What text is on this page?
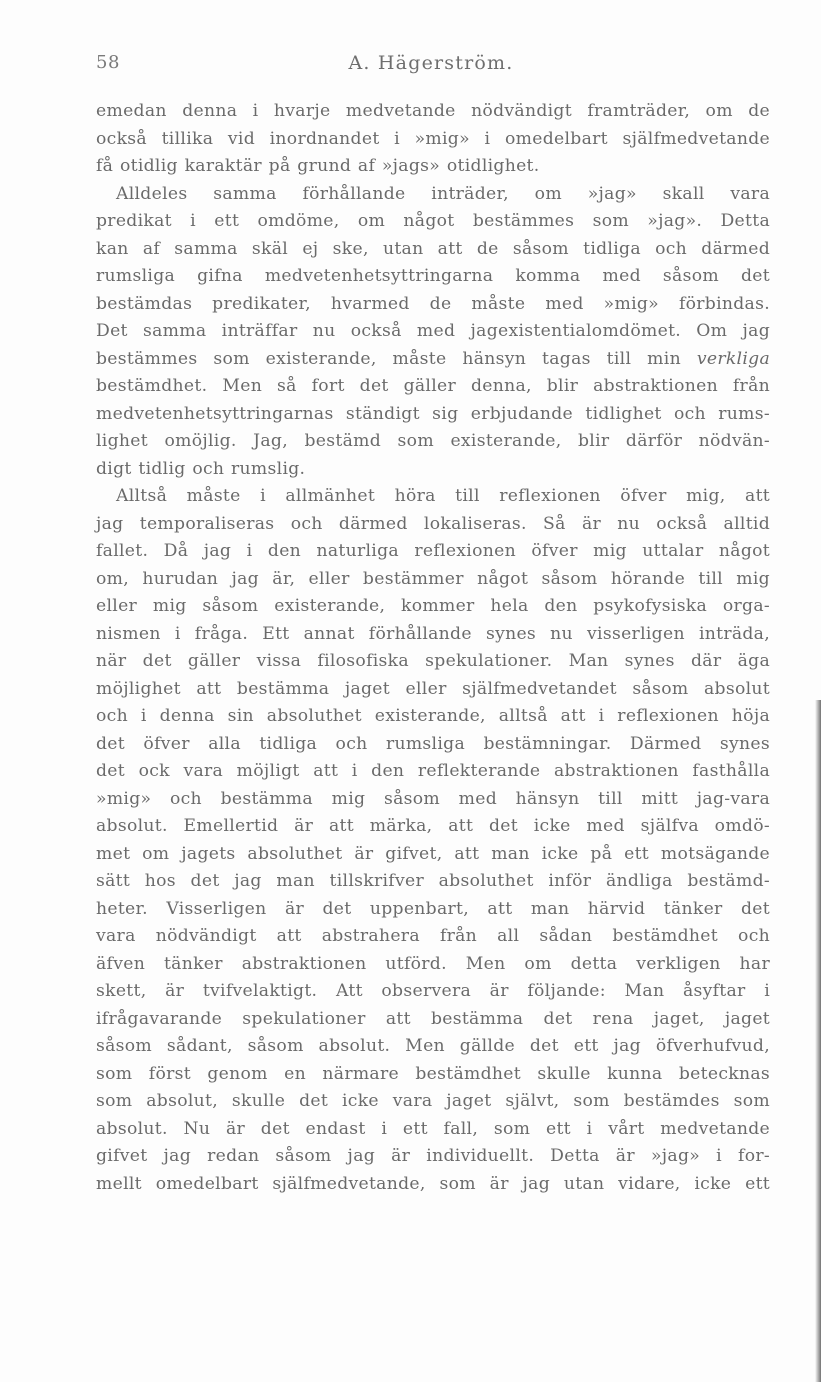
58	A. Hägerström.
emedan denna i hvarje medvetande nödvändigt framträder, om de
också tillika vid inordnandet i »mig» i omedelbart själfmedvetande
få otidlig karaktär på grund af »jags» otidlighet.
Alldeles samma förhållande inträder, om »jag» skall vara
predikat i ett omdöme, om något bestämmes som »jag». Detta
kan af samma skäl ej ske, utan att de såsom tidliga och därmed
rumsliga gifna medvetenhetsyttringarna komma med såsom det
bestämdas predikater, hvarmed de måste med »mig» förbindas.
Det samma inträffar nu också med jagexistentialomdömet. Om jag
bestämmes som existerande, måste hänsyn tagas till min verkliga
bestämdhet. Men så fort det gäller denna, blir abstraktionen från
medvetenhetsyttringarnas ständigt sig erbjudande tidlighet och rums-
lighet omöjlig. Jag, bestämd som existerande, blir därför nödvän-
digt tidlig och rumslig.
Alltså måste i allmänhet höra till reflexionen öfver mig, att
jag temporaliseras och därmed lokaliseras. Så är nu också alltid
fallet. Då jag i den naturliga reflexionen öfver mig uttalar något
om, hurudan jag är, eller bestämmer något såsom hörande till mig
eller mig såsom existerande, kommer hela den psykofysiska orga-
nismen i fråga. Ett annat förhållande synes nu visserligen inträda,
när det gäller vissa filosofiska spekulationer. Man synes där äga
möjlighet att bestämma jaget eller själfmedvetandet såsom absolut
och i denna sin absoluthet existerande, alltså att i reflexionen höja
det öfver alla tidliga och rumsliga bestämningar. Därmed synes
det ock vara möjligt att i den reflekterande abstraktionen fasthålla
»mig» och bestämma mig såsom med hänsyn till mitt jag-vara
absolut. Emellertid är att märka, att det icke med själfva omdö-
met om jagets absoluthet är gifvet, att man icke på ett motsägande
sätt hos det jag man tillskrifver absoluthet inför ändliga bestämd-
heter. Visserligen är det uppenbart, att man härvid tänker det
vara nödvändigt att abstrahera från all sådan bestämdhet och
äfven tänker abstraktionen utförd. Men om detta verkligen har
skett, är tvifvelaktigt. Att observera är följande: Man åsyftar i
ifrågavarande spekulationer att bestämma det rena jaget, jaget
såsom sådant, såsom absolut. Men gällde det ett jag öfverhufvud,
som först genom en närmare bestämdhet skulle kunna betecknas
som absolut, skulle det icke vara jaget självt, som bestämdes som
absolut. Nu är det endast i ett fall, som ett i vårt medvetande
gifvet jag redan såsom jag är individuellt. Detta är »jag» i for-
mellt omedelbart själfmedvetande, som är jag utan vidare, icke ett
